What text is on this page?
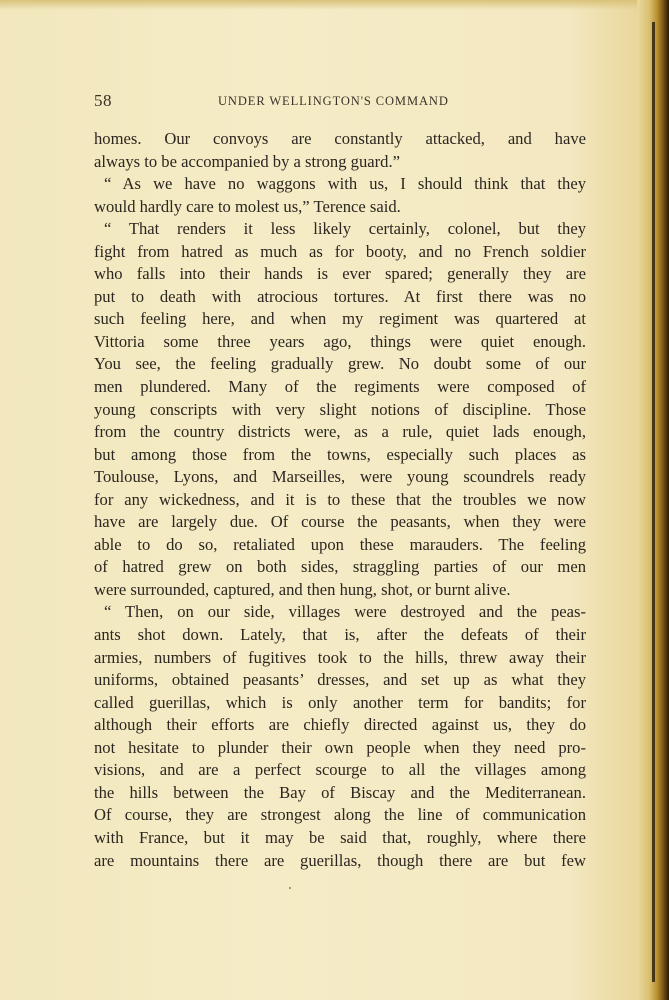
58	UNDER WELLINGTON'S COMMAND
homes. Our convoys are constantly attacked, and have
always to be accompanied by a strong guard.”
“ As we have no waggons with us, I should think that they
would hardly care to molest us,” Terence said.
“ That renders it less likely certainly, colonel, but they
fight from hatred as much as for booty, and no French soldier
who falls into their hands is ever spared; generally they are
put to death with atrocious tortures. At first there was no
such feeling here, and when my regiment was quartered at
Vittoria some three years ago, things were quiet enough.
You see, the feeling gradually grew. No doubt some of our
men plundered. Many of the regiments were composed of
young conscripts with very slight notions of discipline. Those
from the country districts were, as a rule, quiet lads enough,
but among those from the towns, especially such places as
Toulouse, Lyons, and Marseilles, were young scoundrels ready
for any wickedness, and it is to these that the troubles we now
have are largely due. Of course the peasants, when they were
able to do so, retaliated upon these marauders. The feeling
of hatred grew on both sides, straggling parties of our men
were surrounded, captured, and then hung, shot, or burnt alive.
“ Then, on our side, villages were destroyed and the peas-
ants shot down. Lately, that is, after the defeats of their
armies, numbers of fugitives took to the hills, threw away their
uniforms, obtained peasants’ dresses, and set up as what they
called guerillas, which is only another term for bandits; for
although their efforts are chiefly directed against us, they do
not hesitate to plunder their own people when they need pro-
visions, and are a perfect scourge to all the villages among
the hills between the Bay of Biscay and the Mediterranean.
Of course, they are strongest along the line of communication
with France, but it may be said that, roughly, where there
are mountains there are guerillas, though there are but few
